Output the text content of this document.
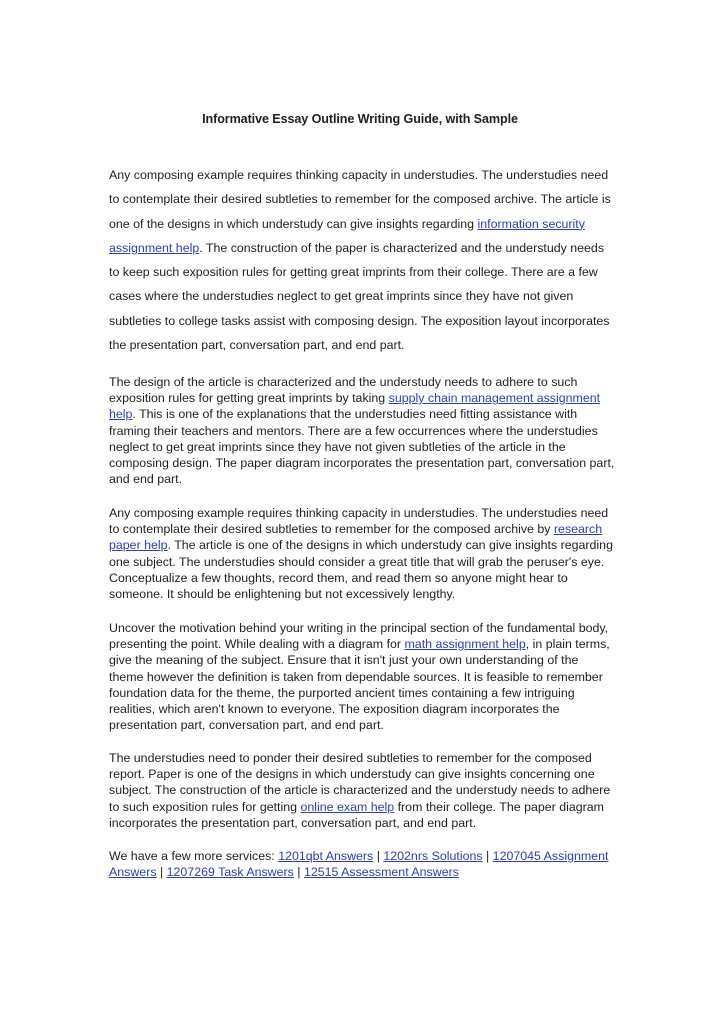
Informative Essay Outline Writing Guide, with Sample
Any composing example requires thinking capacity in understudies. The understudies need
to contemplate their desired subtleties to remember for the composed archive. The article is
one of the designs in which understudy can give insights regarding information security
assignment help. The construction of the paper is characterized and the understudy needs
to keep such exposition rules for getting great imprints from their college. There are a few
cases where the understudies neglect to get great imprints since they have not given
subtleties to college tasks assist with composing design. The exposition layout incorporates
the presentation part, conversation part, and end part.
The design of the article is characterized and the understudy needs to adhere to such
exposition rules for getting great imprints by taking supply chain management assignment
help. This is one of the explanations that the understudies need fitting assistance with
framing their teachers and mentors. There are a few occurrences where the understudies
neglect to get great imprints since they have not given subtleties of the article in the
composing design. The paper diagram incorporates the presentation part, conversation part,
and end part.
Any composing example requires thinking capacity in understudies. The understudies need
to contemplate their desired subtleties to remember for the composed archive by research
paper help. The article is one of the designs in which understudy can give insights regarding
one subject. The understudies should consider a great title that will grab the peruser's eye.
Conceptualize a few thoughts, record them, and read them so anyone might hear to
someone. It should be enlightening but not excessively lengthy.
Uncover the motivation behind your writing in the principal section of the fundamental body,
presenting the point. While dealing with a diagram for math assignment help, in plain terms,
give the meaning of the subject. Ensure that it isn't just your own understanding of the
theme however the definition is taken from dependable sources. It is feasible to remember
foundation data for the theme, the purported ancient times containing a few intriguing
realities, which aren't known to everyone. The exposition diagram incorporates the
presentation part, conversation part, and end part.
The understudies need to ponder their desired subtleties to remember for the composed
report. Paper is one of the designs in which understudy can give insights concerning one
subject. The construction of the article is characterized and the understudy needs to adhere
to such exposition rules for getting online exam help from their college. The paper diagram
incorporates the presentation part, conversation part, and end part.
We have a few more services: 1201qbt Answers | 1202nrs Solutions | 1207045 Assignment
Answers | 1207269 Task Answers | 12515 Assessment Answers
